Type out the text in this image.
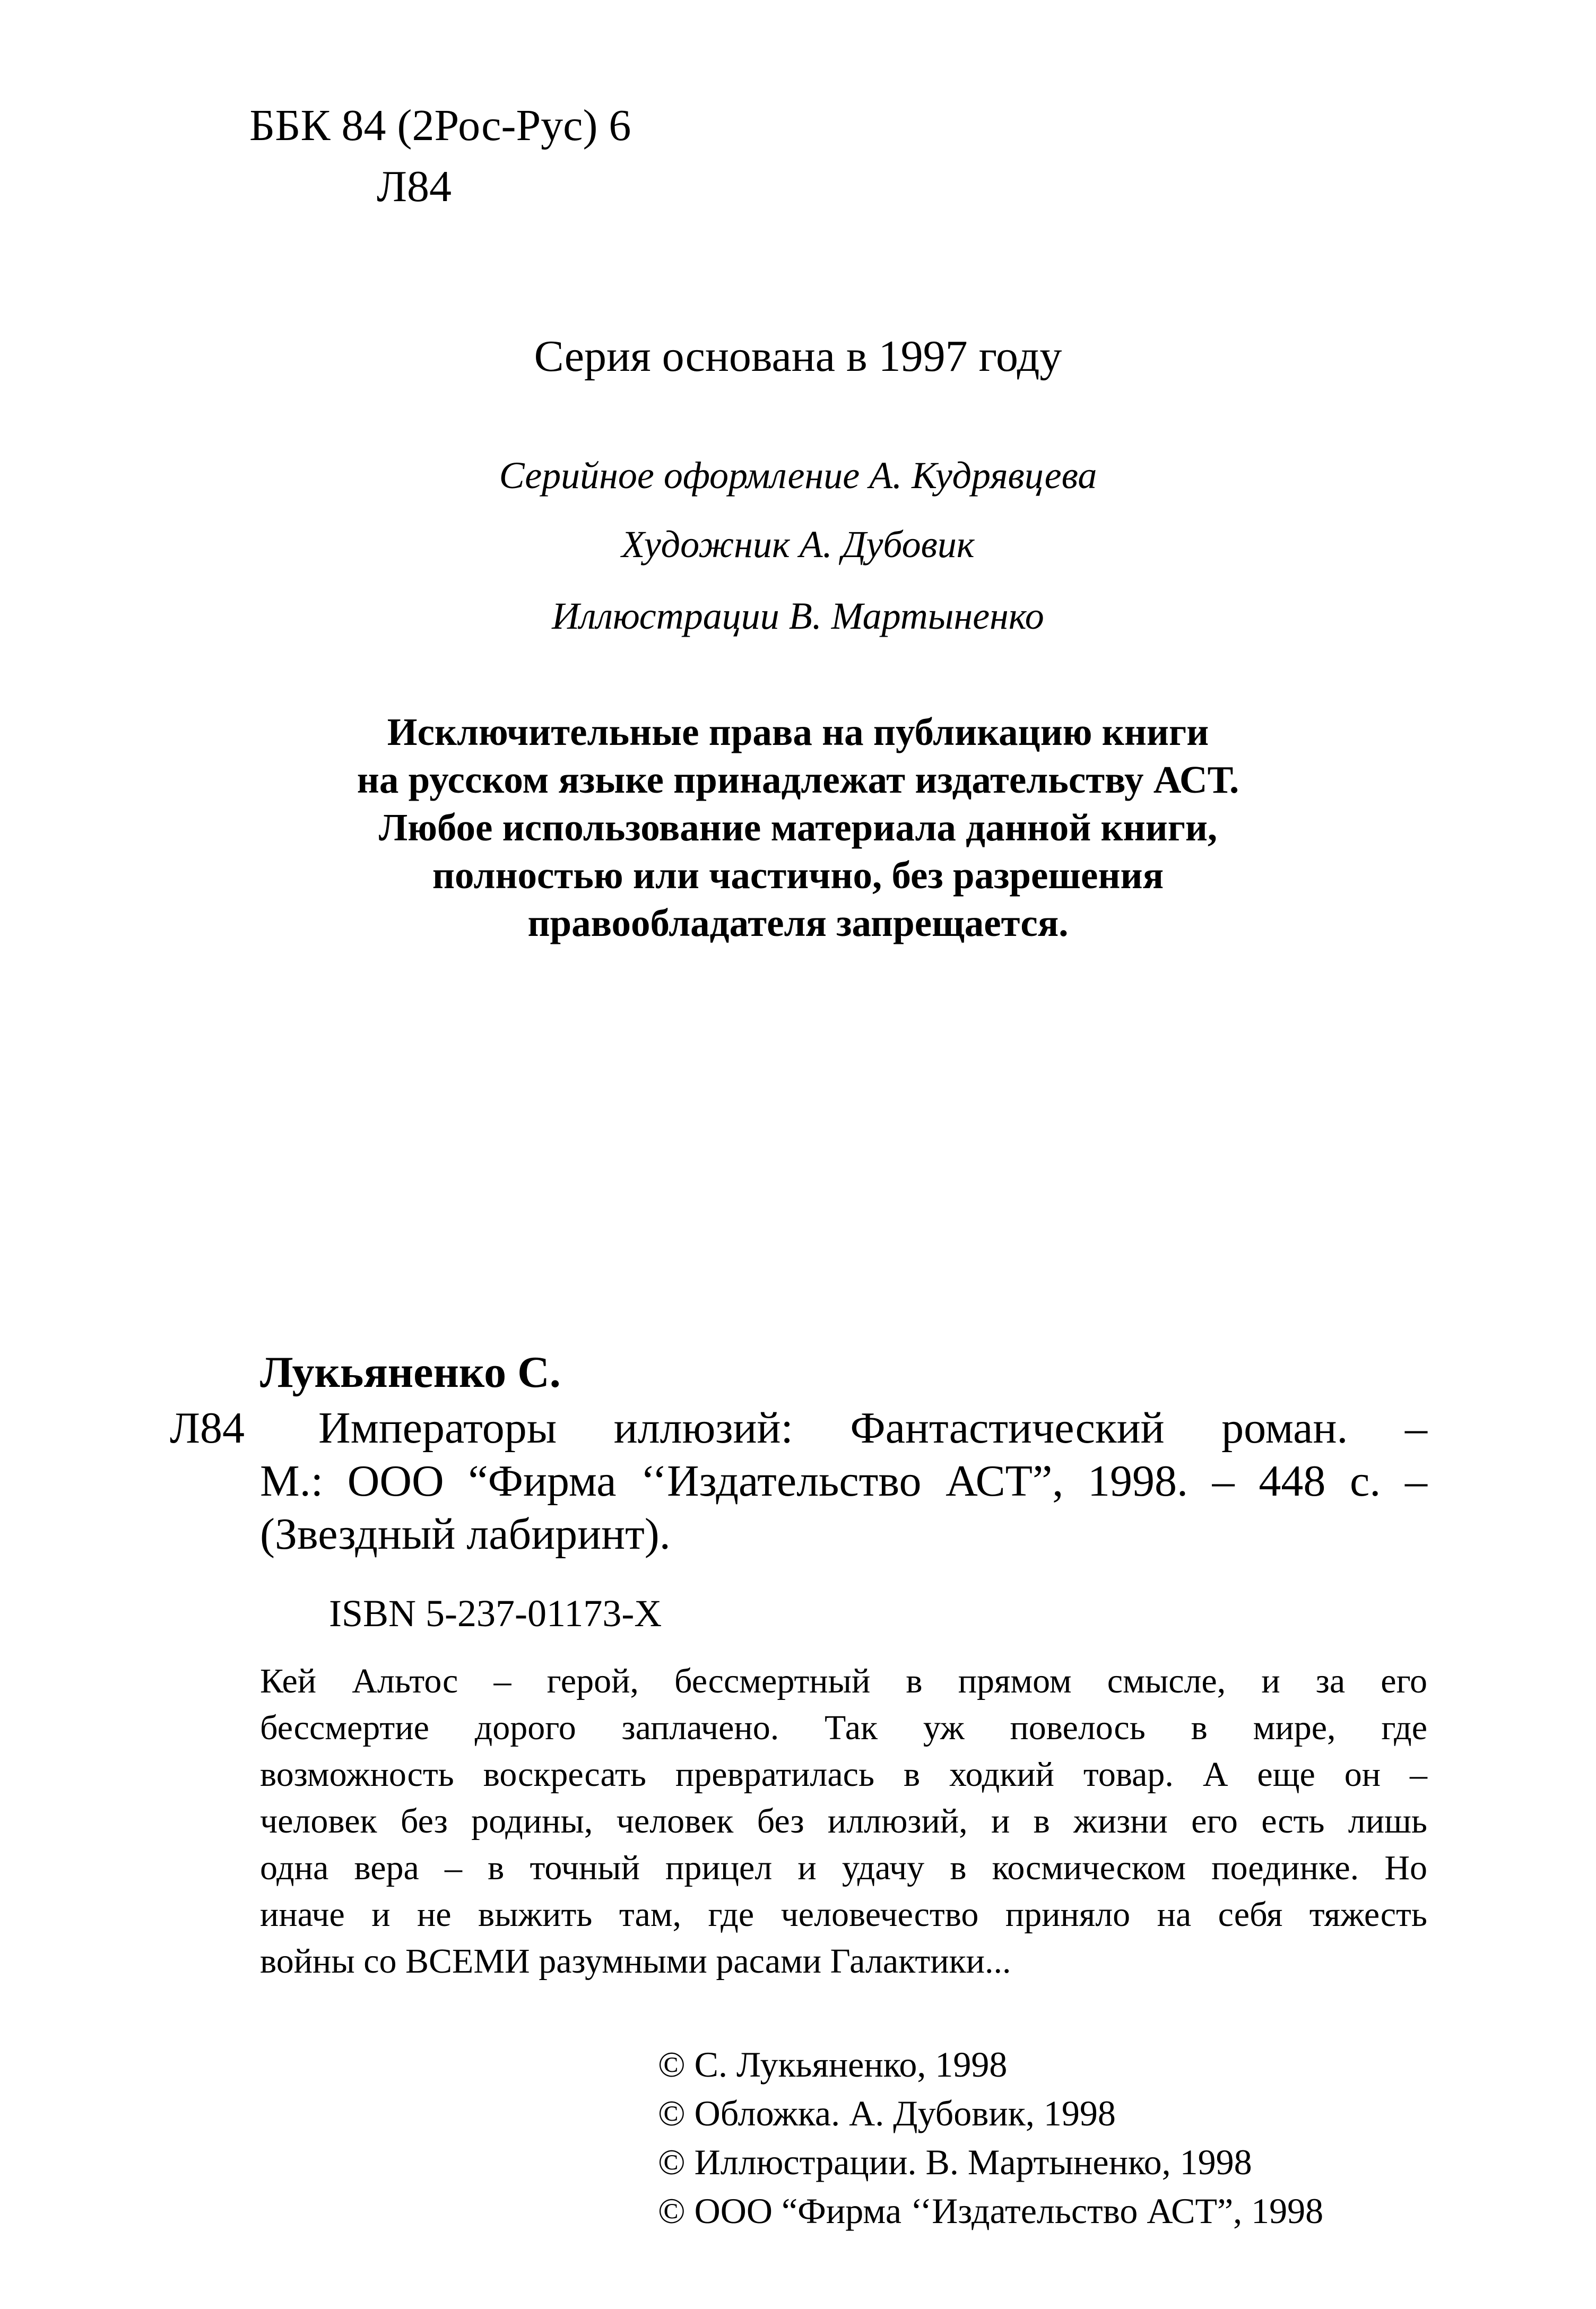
ББК 84 (2Рос-Рус) 6
Л84
Серия основана в 1997 году
Серийное оформление А. Кудрявцева
Художник А. Дубовик
Иллюстрации В. Мартыненко
Исключительные права на публикацию книги
на русском языке принадлежат издательству АСТ.
Любое использование материала данной книги,
полностью или частично, без разрешения
правообладателя запрещается.
Лукьяненко С.
Л84 Императоры иллюзий: Фантастический роман. –
М.: ООО “Фирма ‘‘Издательство АСТ”, 1998. – 448 с. –
(Звездный лабиринт).
ISBN 5-237-01173-X
Кей Альтос – герой, бессмертный в прямом смысле, и за его
бессмертие дорого заплачено. Так уж повелось в мире, где
возможность воскресать превратилась в ходкий товар. А еще он –
человек без родины, человек без иллюзий, и в жизни его есть лишь
одна вера – в точный прицел и удачу в космическом поединке. Но
иначе и не выжить там, где человечество приняло на себя тяжесть
войны со ВСЕМИ разумными расами Галактики...
© С. Лукьяненко, 1998
© Обложка. А. Дубовик, 1998
© Иллюстрации. В. Мартыненко, 1998
© ООО “Фирма ‘‘Издательство АСТ”, 1998
